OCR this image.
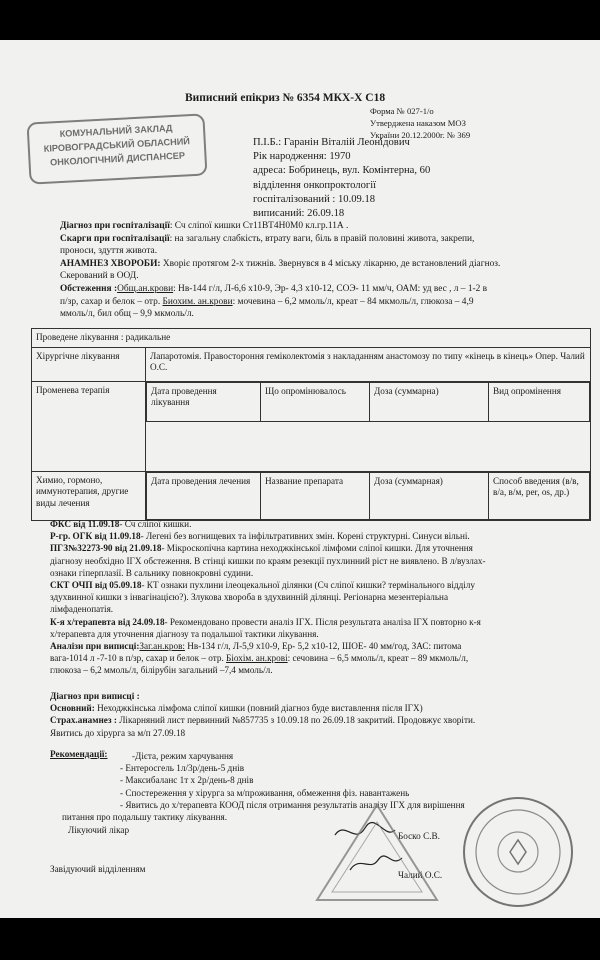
Виписний епікриз № 6354 МКХ-Х С18
Форма № 027-1/о
Утверджена наказом МОЗ
України 20.12.2000г. № 369
КОМУНАЛЬНИЙ ЗАКЛАД
КІРОВОГРАДСЬКИЙ ОБЛАСНИЙ
ОНКОЛОГІЧНИЙ ДИСПАНСЕР
П.І.Б.: Гаранін Віталій Леонідович
Рік народження: 1970
адреса: Бобринець, вул. Комінтерна, 60
відділення онкопроктології
госпіталізований : 10.09.18
виписаний: 26.09.18
Діагноз при госпіталізації: Сч сліпої кишки Ст11ВТ4Н0М0 кл.гр.11А .
Скарги при госпіталізації: на загальну слабкість, втрату ваги, біль в правій половині живота, закрепи,
проноси, здуття живота.
АНАМНЕЗ ХВОРОБИ: Хворіє протягом 2-х тижнів. Звернувся в 4 міську лікарню, де встановлений діагноз.
Скерований в ООД.
Обстеження :Общ.ан.крови: Нв-144 г/л, Л-6,6 х10-9, Эр- 4,3 х10-12, СОЭ- 11 мм/ч, ОАМ: уд вес , л – 1-2 в
п/зр, сахар и белок – отр. Биохим. ан.крови: мочевина – 6,2 ммоль/л, креат – 84 мкмоль/л, глюкоза – 4,9
ммоль/л, бил общ – 9,9 мкмоль/л.
Проведене лікування : радикальне
Хірургічне лікування	Лапаротомія. Правостороння геміколектомія з накладанням анастомозу по типу «кінець в кінець» Опер. Чалий О.С.
Променева терапія		Дата проведення лікування	Що опромінювалось	Доза (суммарна)	Вид опромінення

Химио, гормоно, иммунотерапия, другие виды лечения	
Дата проведения лечения	Название препарата	Доза (суммарная)	Способ введения (в/в, в/а, в/м, per, os, др.)
ФКС від 11.09.18- Сч сліпої кишки.
Р-гр. ОГК від 11.09.18- Легені без вогнищевих та інфільтративних змін. Корені структурні. Синуси вільні.
ПГЗ№32273-90 від 21.09.18- Мікроскопічна картина неходжкінської лімфоми сліпої кишки. Для уточнення
діагнозу необхідно ІГХ обстеження. В стінці кишки по краям резекції пухлинний ріст не виявлено. В л/вузлах-
ознаки гіперплазії. В сальнику повнокровні судини.
СКТ ОЧП від 05.09.18- КТ ознаки пухлини ілеоцекальної ділянки (Сч сліпої кишки? термінального відділу
здухвинної кишки з інвагінацією?). Злукова хвороба в здухвинній ділянці. Регіонарна мезентеріальна
лімфаденопатія.
К-я х/терапевта від 24.09.18- Рекомендовано провести аналіз ІГХ. Після результата аналіза ІГХ повторно к-я
х/терапевта для уточнення діагнозу та подальшої тактики лікування.
Аналізи при виписці:Заг.ан.кров: Нв-134 г/л, Л-5,9 х10-9, Ер- 5,2 х10-12, ШОЕ- 40 мм/год, ЗАС: питома
вага-1014 л -7-10 в п/зр, сахар и белок – отр. Біохім. ан.крові: сечовина – 6,5 ммоль/л, креат – 89 мкмоль/л,
глюкоза – 6,2 ммоль/л, білірубін загальний –7,4 ммоль/л.
Діагноз при виписці :
Основний: Неходжкінська лімфома сліпої кишки (повний діагноз буде виставлення після ІГХ)
Страх.анамнез : Лікарняний лист первинний №857735 з 10.09.18 по 26.09.18 закритий. Продовжує хворіти.
Явитись до хірурга за м/п 27.09.18
Рекомендації:	-Дієта, режим харчування
- Ентеросгель 1л/3р/день-5 днів
- Максибаланс 1т х 2р/день-8 днів
- Спостереження у хірурга за м/проживання, обмеження фіз. навантажень
- Явитись до х/терапевта КООД після отримання результатів аналізу ІГХ для вирішення
питання про подальшу тактику лікування.
Лікуючий лікар
Завідуючий відділенням
Боско С.В.
Чалий О.С.
